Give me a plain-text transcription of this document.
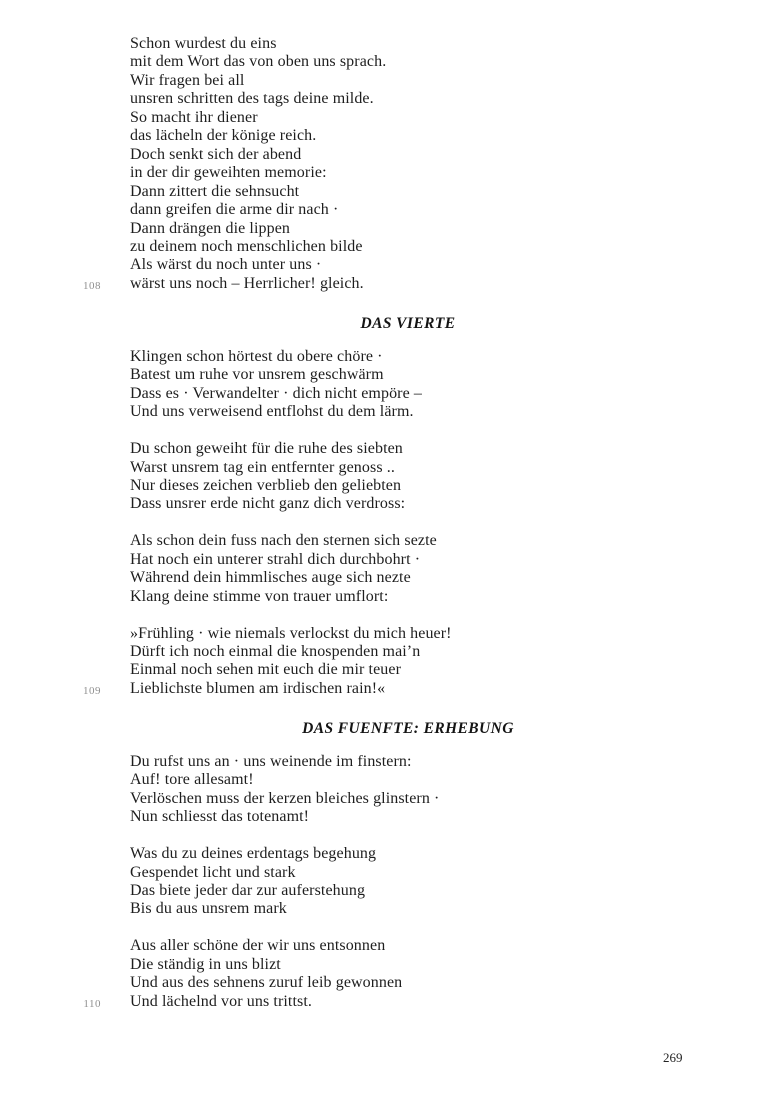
Schon wurdest du eins
mit dem Wort das von oben uns sprach.
Wir fragen bei all
unsren schritten des tags deine milde.
So macht ihr diener
das lächeln der könige reich.
Doch senkt sich der abend
in der dir geweihten memorie:
Dann zittert die sehnsucht
dann greifen die arme dir nach ·
Dann drängen die lippen
zu deinem noch menschlichen bilde
Als wärst du noch unter uns ·
wärst uns noch – Herrlicher! gleich.
108
DAS VIERTE
Klingen schon hörtest du obere chöre ·
Batest um ruhe vor unsrem geschwärm
Dass es · Verwandelter · dich nicht empöre –
Und uns verweisend entflohst du dem lärm.
Du schon geweiht für die ruhe des siebten
Warst unsrem tag ein entfernter genoss ..
Nur dieses zeichen verblieb den geliebten
Dass unsrer erde nicht ganz dich verdross:
Als schon dein fuss nach den sternen sich sezte
Hat noch ein unterer strahl dich durchbohrt ·
Während dein himmlisches auge sich nezte
Klang deine stimme von trauer umflort:
»Frühling · wie niemals verlockst du mich heuer!
Dürft ich noch einmal die knospenden mai’n
Einmal noch sehen mit euch die mir teuer
Lieblichste blumen am irdischen rain!«
109
DAS FUENFTE: ERHEBUNG
Du rufst uns an · uns weinende im finstern:
Auf! tore allesamt!
Verlöschen muss der kerzen bleiches glinstern ·
Nun schliesst das totenamt!
Was du zu deines erdentags begehung
Gespendet licht und stark
Das biete jeder dar zur auferstehung
Bis du aus unsrem mark
Aus aller schöne der wir uns entsonnen
Die ständig in uns blizt
Und aus des sehnens zuruf leib gewonnen
Und lächelnd vor uns trittst.
110
269
